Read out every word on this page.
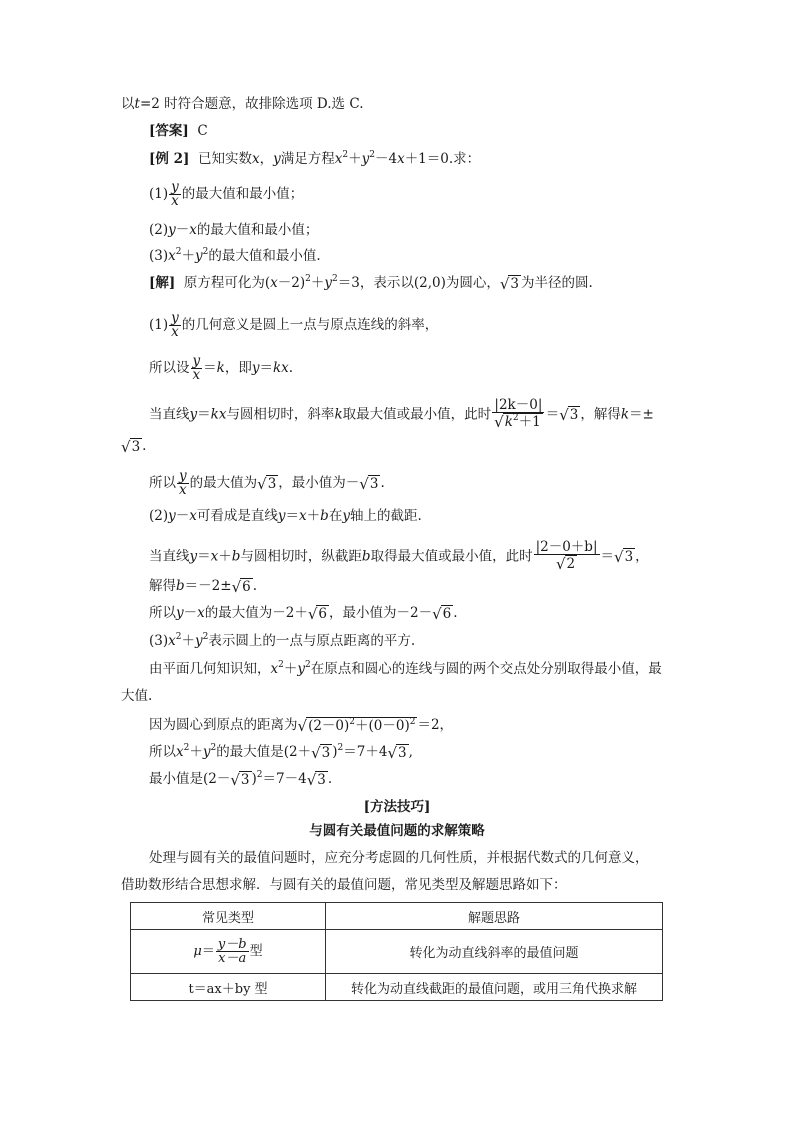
以t=2 时符合题意，故排除选项 D.选 C.
[答案] C
[例 2] 已知实数x，y满足方程$x^2+y^2-4x+1=0$.求：
$(1) \frac{y}{x}$ 的最大值和最小值；
(2)y－x的最大值和最小值；
$(3)x^2+y^2$的最大值和最小值.
[解] 原方程可化为$(x-2)^2+y^2=3$，表示以(2,0)为圆心， √ 3 为半径的圆.
$(1) \frac{y}{x}$ 的几何意义是圆上一点与原点连线的斜率，
所以设 $\frac{y}{x} =k$，即y＝kx.
当直线y＝kx与圆相切时，斜率k取最大值或最小值，此时 $\frac{|2k-0|}{√ k^2+1}$ ＝ √ 3 ，解得k＝±
√ 3 .
所以 $\frac{y}{x}$ 的最大值为 √ 3 ，最小值为－ √ 3 .
(2)y－x可看成是直线y＝x＋b在y轴上的截距.
当直线y＝x＋b与圆相切时，纵截距b取得最大值或最小值，此时 $\frac{|2-0+b|}{√ 2}$ ＝ √ 3 ，
解得b＝－2± √ 6 .
所以y－x的最大值为－2＋ √ 6 ，最小值为－2－ √ 6 .
$(3)x^2+y^2$表示圆上的一点与原点距离的平方.
由平面几何知识知，$x^2+y^2$在原点和圆心的连线与圆的两个交点处分别取得最小值，最
大值.
因为圆心到原点的距离为 √ $(2-0)^2+(0-0)^2 =2$，
所以$x^2+y^2$的最大值是(2＋ √ 3 )$^2$＝7＋4 √ 3 ,
最小值是(2－ √ 3 )$^2$＝7－4 √ 3 .
[方法技巧]
与圆有关最值问题的求解策略
处理与圆有关的最值问题时，应充分考虑圆的几何性质，并根据代数式的几何意义，
借助数形结合思想求解．与圆有关的最值问题，常见类型及解题思路如下：
常见类型	解题思路
$\mu= \frac{y-b}{x-a}$ 型	转化为动直线斜率的最值问题
t＝ax＋by 型	转化为动直线截距的最值问题，或用三角代换求解
